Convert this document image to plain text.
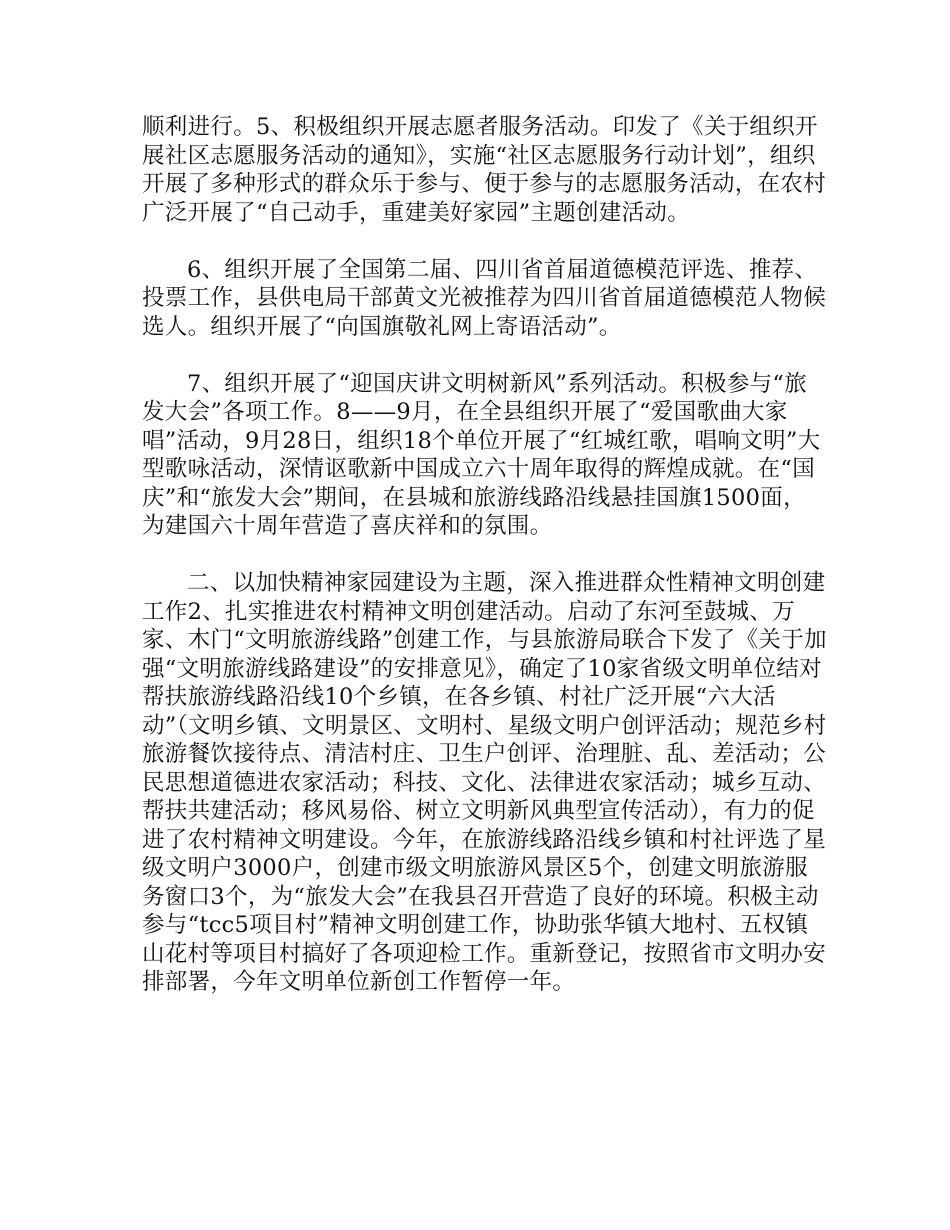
顺利进行。5、积极组织开展志愿者服务活动。印发了《关于组织开展社区志愿服务活动的通知》，实施“社区志愿服务行动计划”，组织开展了多种形式的群众乐于参与、便于参与的志愿服务活动，在农村广泛开展了“自己动手，重建美好家园”主题创建活动。

6、组织开展了全国第二届、四川省首届道德模范评选、推荐、投票工作，县供电局干部黄文光被推荐为四川省首届道德模范人物候选人。组织开展了“向国旗敬礼网上寄语活动”。

7、组织开展了“迎国庆讲文明树新风”系列活动。积极参与“旅发大会”各项工作。8——9月，在全县组织开展了“爱国歌曲大家唱”活动，9月28日，组织18个单位开展了“红城红歌，唱响文明”大型歌咏活动，深情讴歌新中国成立六十周年取得的辉煌成就。在“国庆”和“旅发大会”期间，在县城和旅游线路沿线悬挂国旗1500面，为建国六十周年营造了喜庆祥和的氛围。

二、以加快精神家园建设为主题，深入推进群众性精神文明创建工作2、扎实推进农村精神文明创建活动。启动了东河至鼓城、万家、木门“文明旅游线路”创建工作，与县旅游局联合下发了《关于加强“文明旅游线路建设”的安排意见》，确定了10家省级文明单位结对帮扶旅游线路沿线10个乡镇，在各乡镇、村社广泛开展“六大活动”（文明乡镇、文明景区、文明村、星级文明户创评活动；规范乡村旅游餐饮接待点、清洁村庄、卫生户创评、治理脏、乱、差活动；公民思想道德进农家活动；科技、文化、法律进农家活动；城乡互动、帮扶共建活动；移风易俗、树立文明新风典型宣传活动），有力的促进了农村精神文明建设。今年，在旅游线路沿线乡镇和村社评选了星级文明户3000户，创建市级文明旅游风景区5个，创建文明旅游服务窗口3个，为“旅发大会”在我县召开营造了良好的环境。积极主动参与“tcc5项目村”精神文明创建工作，协助张华镇大地村、五权镇山花村等项目村搞好了各项迎检工作。重新登记，按照省市文明办安排部署，今年文明单位新创工作暂停一年。
